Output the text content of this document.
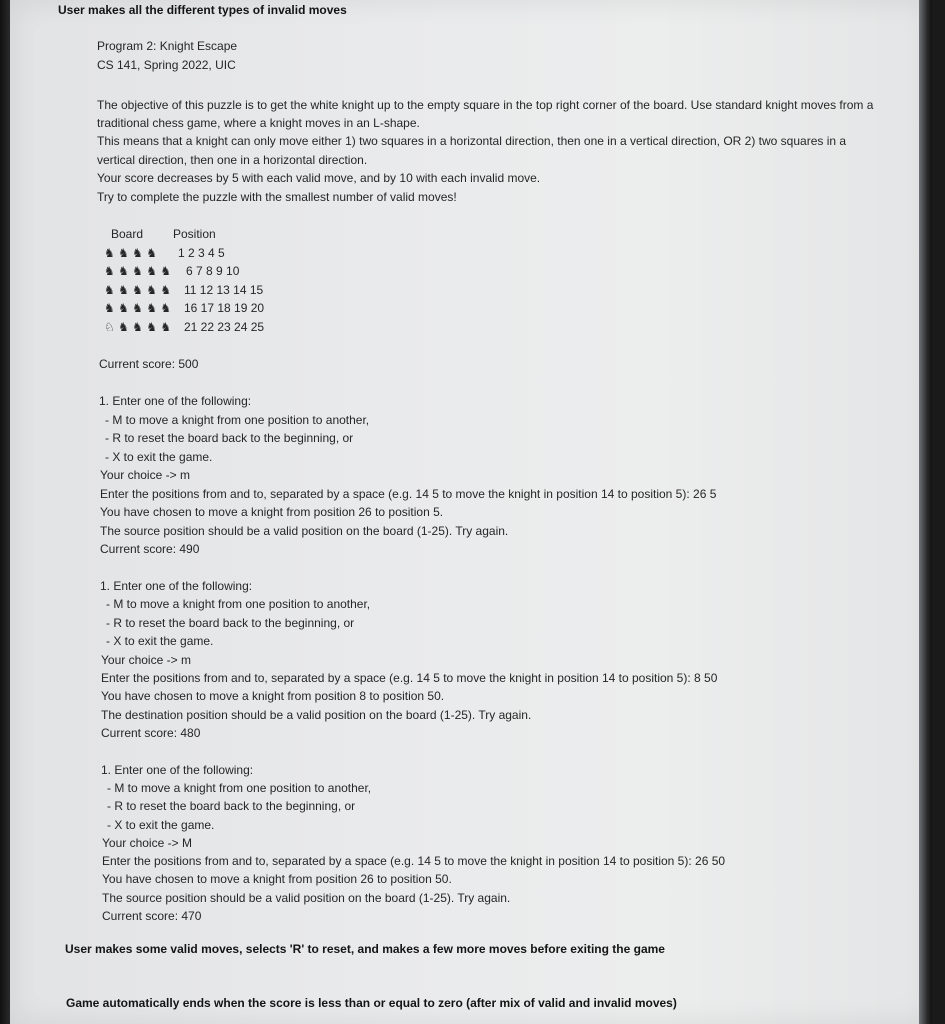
User makes all the different types of invalid moves
Program 2: Knight Escape
CS 141, Spring 2022, UIC
The objective of this puzzle is to get the white knight up to the empty square in the top right corner of the board. Use standard knight moves from a
traditional chess game, where a knight moves in an L-shape.
This means that a knight can only move either 1) two squares in a horizontal direction, then one in a vertical direction, OR 2) two squares in a
vertical direction, then one in a horizontal direction.
Your score decreases by 5 with each valid move, and by 10 with each invalid move.
Try to complete the puzzle with the smallest number of valid moves!
Board Position
♞ ♞ ♞ ♞ 1 2 3 4 5
♞ ♞ ♞ ♞ ♞ 6 7 8 9 10
♞ ♞ ♞ ♞ ♞ 11 12 13 14 15
♞ ♞ ♞ ♞ ♞ 16 17 18 19 20
♘ ♞ ♞ ♞ ♞ 21 22 23 24 25
Current score: 500
1. Enter one of the following:
- M to move a knight from one position to another,
- R to reset the board back to the beginning, or
- X to exit the game.
Your choice -> m
Enter the positions from and to, separated by a space (e.g. 14 5 to move the knight in position 14 to position 5): 26 5
You have chosen to move a knight from position 26 to position 5.
The source position should be a valid position on the board (1-25). Try again.
Current score: 490
1. Enter one of the following:
- M to move a knight from one position to another,
- R to reset the board back to the beginning, or
- X to exit the game.
Your choice -> m
Enter the positions from and to, separated by a space (e.g. 14 5 to move the knight in position 14 to position 5): 8 50
You have chosen to move a knight from position 8 to position 50.
The destination position should be a valid position on the board (1-25). Try again.
Current score: 480
1. Enter one of the following:
- M to move a knight from one position to another,
- R to reset the board back to the beginning, or
- X to exit the game.
Your choice -> M
Enter the positions from and to, separated by a space (e.g. 14 5 to move the knight in position 14 to position 5): 26 50
You have chosen to move a knight from position 26 to position 50.
The source position should be a valid position on the board (1-25). Try again.
Current score: 470
User makes some valid moves, selects 'R' to reset, and makes a few more moves before exiting the game
Game automatically ends when the score is less than or equal to zero (after mix of valid and invalid moves)
